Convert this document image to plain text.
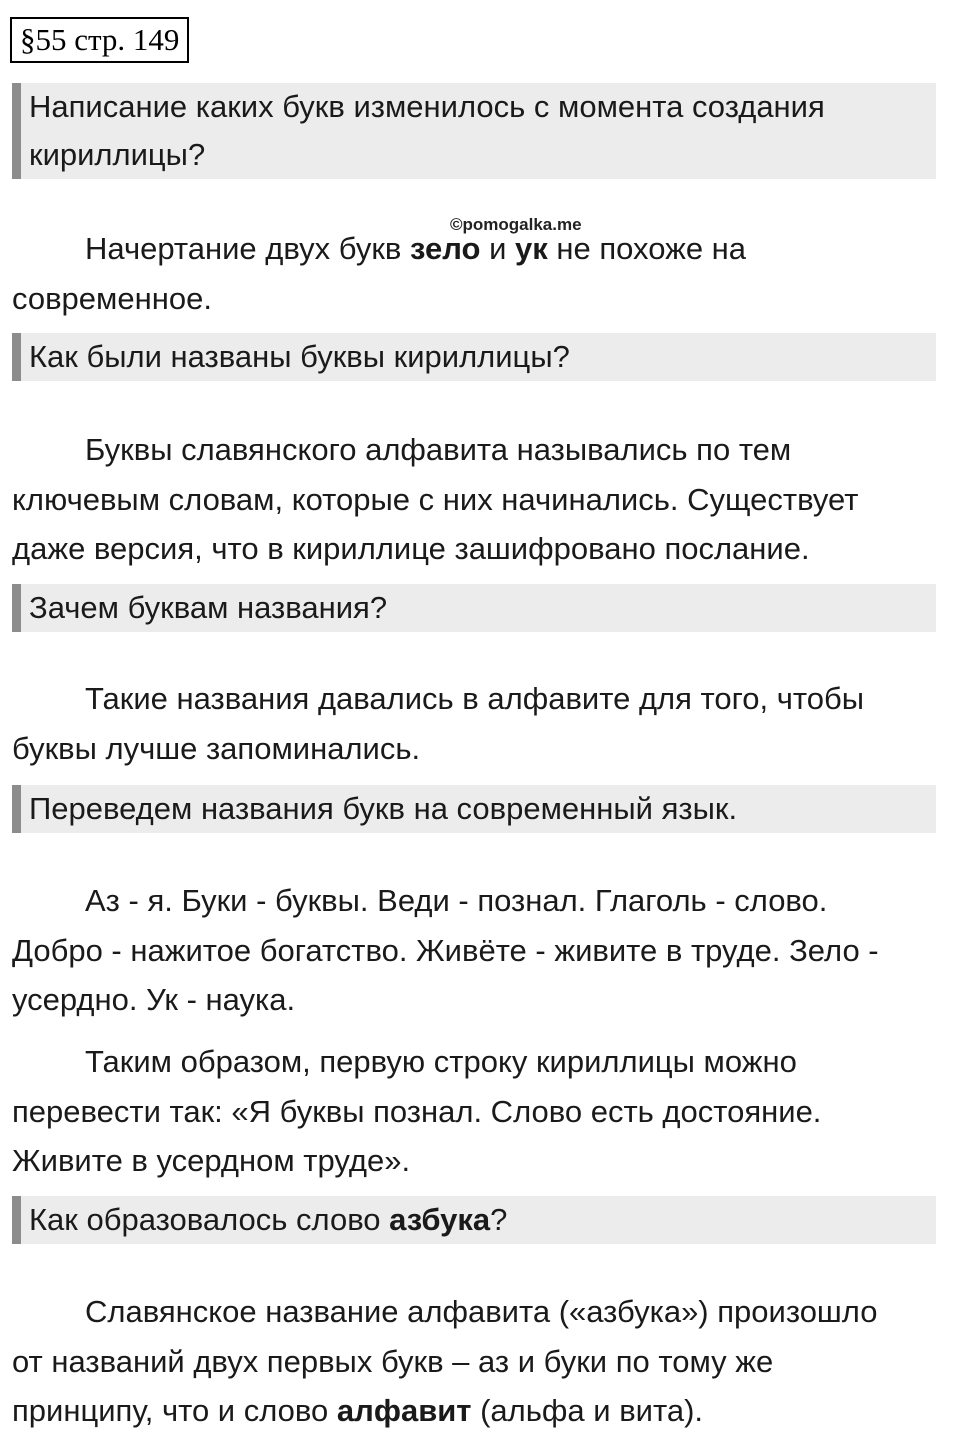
§55 стр. 149
Написание каких букв изменилось с момента создания
кириллицы?
©pomogalka.me
Начертание двух букв зело и ук не похоже на
современное.
Как были названы буквы кириллицы?
Буквы славянского алфавита назывались по тем
ключевым словам, которые с них начинались. Существует
даже версия, что в кириллице зашифровано послание.
Зачем буквам названия?
Такие названия давались в алфавите для того, чтобы
буквы лучше запоминались.
Переведем названия букв на современный язык.
Аз - я. Буки - буквы. Веди - познал. Глаголь - слово.
Добро - нажитое богатство. Живёте - живите в труде. Зело -
усердно. Ук - наука.
Таким образом, первую строку кириллицы можно
перевести так: «Я буквы познал. Слово есть достояние.
Живите в усердном труде».
Как образовалось слово азбука?
Славянское название алфавита («азбука») произошло
от названий двух первых букв – аз и буки по тому же
принципу, что и слово алфавит (альфа и вита).
